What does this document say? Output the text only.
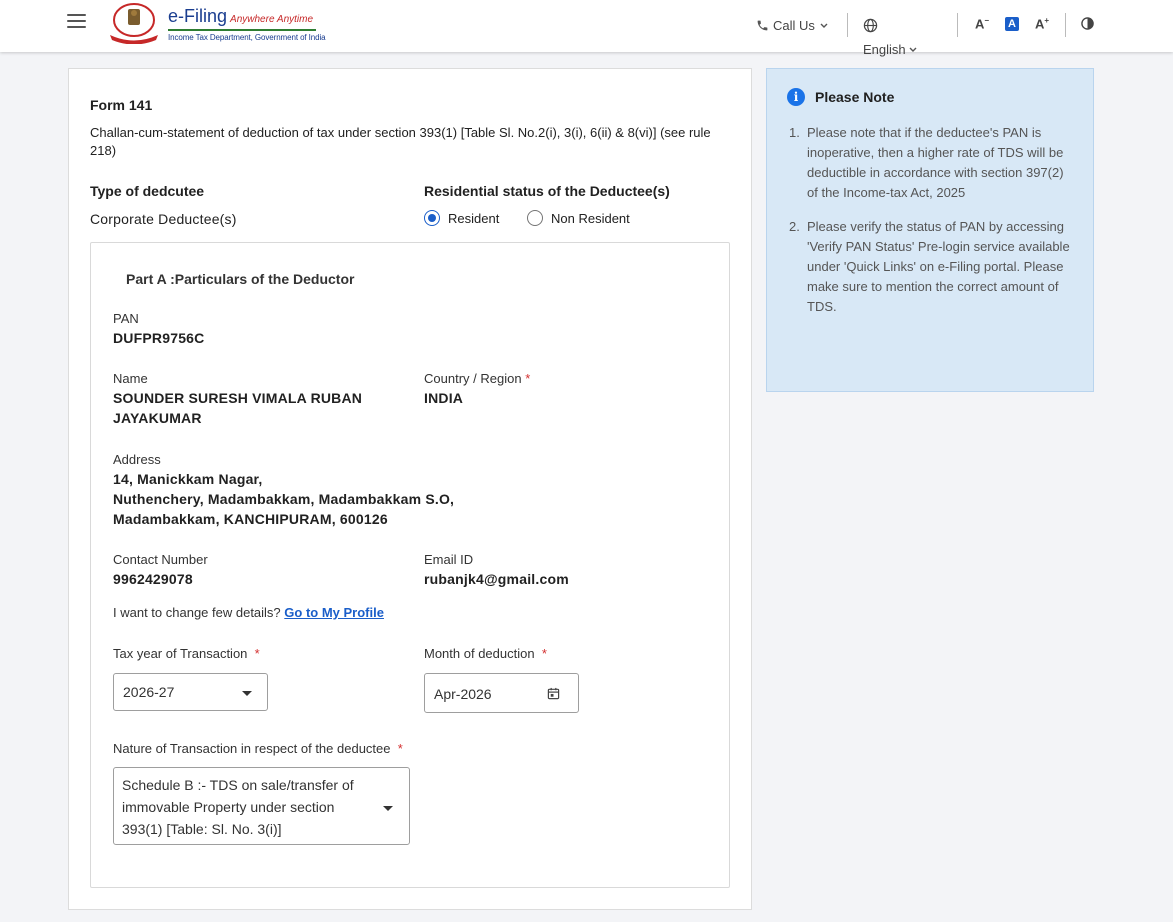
e-Filing Anywhere Anytime
Income Tax Department, Government of India
Call Us
English
A− A A+
Form 141
Challan-cum-statement of deduction of tax under section 393(1) [Table Sl. No.2(i), 3(i), 6(ii) & 8(vi)] (see rule 218)
Type of dedcutee
Corporate Deductee(s)
Residential status of the Deductee(s)
Resident	Non Resident
Part A :Particulars of the Deductor
PAN
DUFPR9756C
Name
SOUNDER SURESH VIMALA RUBAN
JAYAKUMAR
Country / Region *
INDIA
Address
14, Manickkam Nagar,
Nuthenchery, Madambakkam, Madambakkam S.O,
Madambakkam, KANCHIPURAM, 600126
Contact Number
9962429078
Email ID
rubanjk4@gmail.com
I want to change few details? Go to My Profile
Tax year of Transaction *
2026-27
Month of deduction *
Apr-2026
Nature of Transaction in respect of the deductee *
Schedule B :- TDS on sale/transfer of
immovable Property under section
393(1) [Table: Sl. No. 3(i)]
i	Please Note
1. Please note that if the deductee's PAN is inoperative, then a higher rate of TDS will be deductible in accordance with section 397(2) of the Income-tax Act, 2025
2. Please verify the status of PAN by accessing 'Verify PAN Status' Pre-login service available under 'Quick Links' on e-Filing portal. Please make sure to mention the correct amount of TDS.
